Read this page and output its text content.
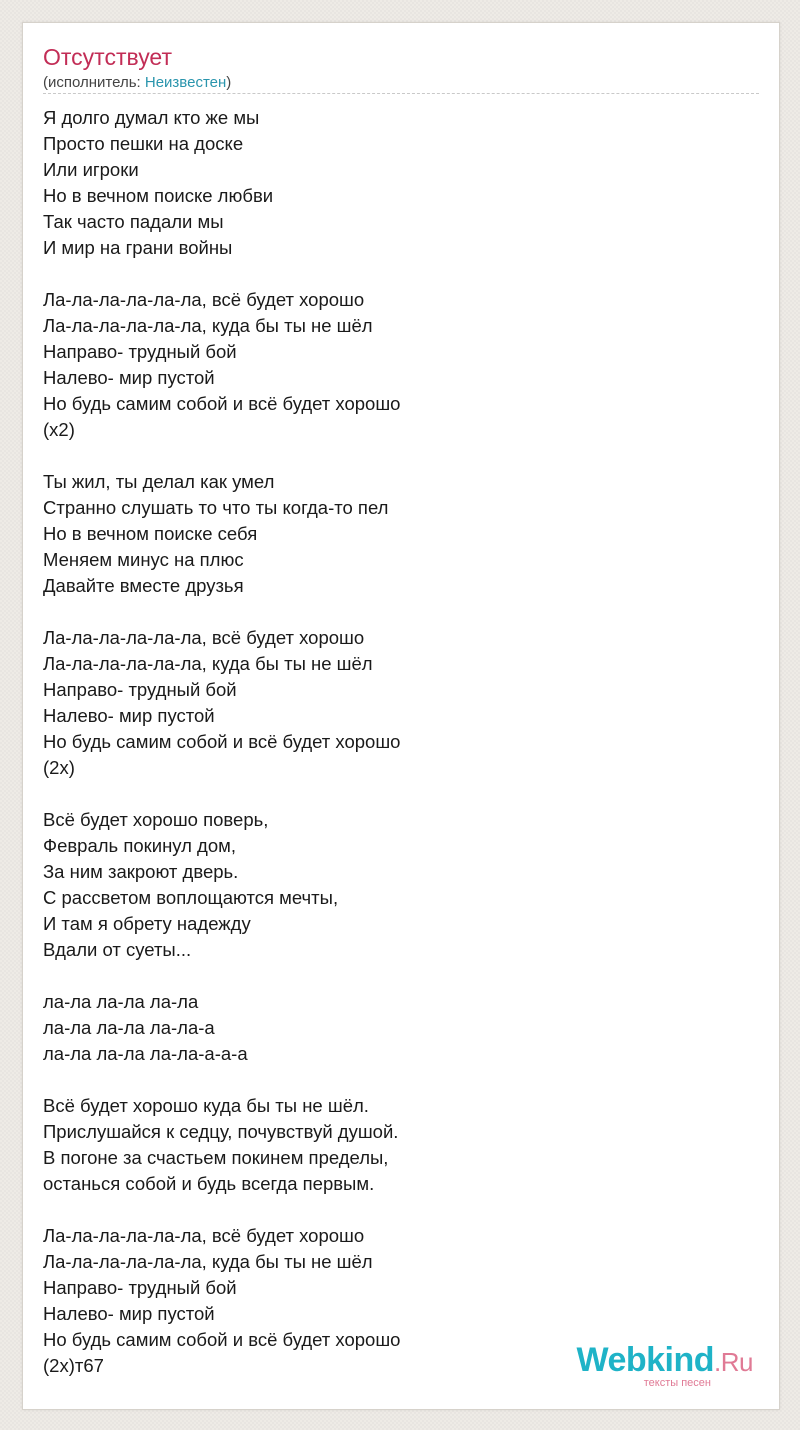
Отсутствует
(исполнитель: Неизвестен)
Я долго думал кто же мы
Просто пешки на доске
Или игроки
Но в вечном поиске любви
Так часто падали мы
И мир на грани войны
Ла-ла-ла-ла-ла-ла, всё будет хорошо
Ла-ла-ла-ла-ла-ла, куда бы ты не шёл
Направо- трудный бой
Налево- мир пустой
Но будь самим собой и всё будет хорошо
(х2)
Ты жил, ты делал как умел
Странно слушать то что ты когда-то пел
Но в вечном поиске себя
Меняем минус на плюс
Давайте вместе друзья
Ла-ла-ла-ла-ла-ла, всё будет хорошо
Ла-ла-ла-ла-ла-ла, куда бы ты не шёл
Направо- трудный бой
Налево- мир пустой
Но будь самим собой и всё будет хорошо
(2х)
Всё будет хорошо поверь,
Февраль покинул дом,
За ним закроют дверь.
С рассветом воплощаются мечты,
И там я обрету надежду
Вдали от суеты...
ла-ла ла-ла ла-ла
ла-ла ла-ла ла-ла-а
ла-ла ла-ла ла-ла-а-а-а
Всё будет хорошо куда бы ты не шёл.
Прислушайся к седцу, почувствуй душой.
В погоне за счастьем покинем пределы,
останься собой и будь всегда первым.
Ла-ла-ла-ла-ла-ла, всё будет хорошо
Ла-ла-ла-ла-ла-ла, куда бы ты не шёл
Направо- трудный бой
Налево- мир пустой
Но будь самим собой и всё будет хорошо
(2х)т67	Webkind.Ru
тексты песен
